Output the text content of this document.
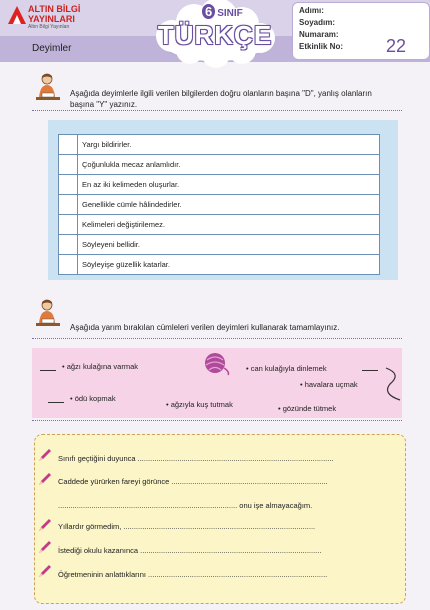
ALTIN BİLGİ
YAYINLARI
Altın Bilgi Yayınları
Deyimler
6 SINIF
TÜRKÇE
Adımı:
Soyadım:
Numaram:
Etkinlik No: 22
Aşağıda deyimlerle ilgili verilen bilgilerden doğru olanların başına "D", yanlış olanların
başına "Y" yazınız.
	Yargı bildirirler.
	Çoğunlukla mecaz anlamlıdır.
	En az iki kelimeden oluşurlar.
	Genellikle cümle hâlindedirler.
	Kelimeleri değiştirilemez.
	Söyleyeni bellidir.
	Söyleyişe güzellik katarlar.
Aşağıda yarım bırakılan cümleleri verilen deyimleri kullanarak tamamlayınız.
• ağzı kulağına varmak	• can kulağıyla dinlemek
• havalara uçmak
• ödü kopmak
• ağzıyla kuş tutmak	• gözünde tütmek
Sınıfı geçtiğini duyunca ..............................................................................................
Caddede yürürken fareyi görünce ...........................................................................
...................................................................................... onu işe almayacağım.
Yıllardır görmedim, ............................................................................................
İstediği okulu kazanınca .......................................................................................
Öğretmeninin anlattıklarını ......................................................................................
